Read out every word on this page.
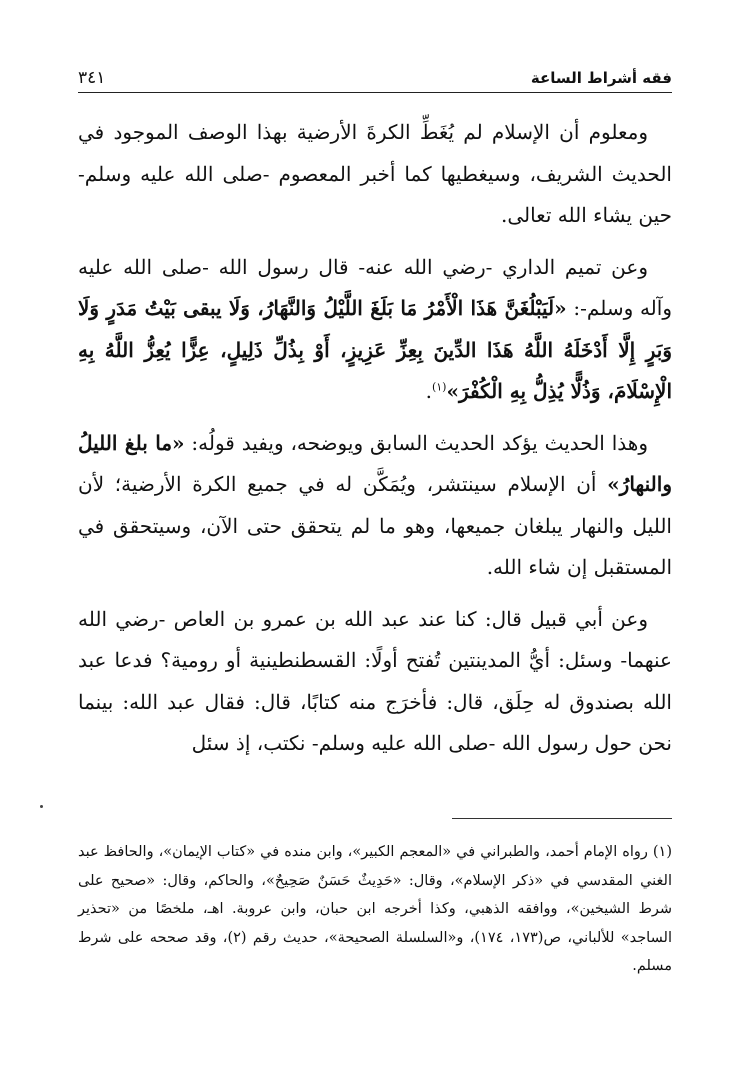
فقه أشراط الساعة
٣٤١

ومعلوم أن الإسلام لم يُغَطِّ الكرةَ الأرضية بهذا الوصف الموجود في الحديث الشريف، وسيغطيها كما أخبر المعصوم -صلى الله عليه وسلم- حين يشاء الله تعالى.

وعن تميم الداري -رضي الله عنه- قال رسول الله -صلى الله عليه وآله وسلم-: «لَيَبْلُغَنَّ هَذَا الْأَمْرُ مَا بَلَغَ اللَّيْلُ وَالنَّهَارُ، وَلَا يبقى بَيْتُ مَدَرٍ وَلَا وَبَرٍ إِلَّا أَدْخَلَهُ اللَّهُ هَذَا الدِّينَ بِعِزِّ عَزِيزٍ، أَوْ بِذُلِّ ذَلِيلٍ، عِزًّا يُعِزُّ اللَّهُ بِهِ الْإِسْلَامَ، وَذُلًّا يُذِلُّ بِهِ الْكُفْرَ»$^{(١)}$.

وهذا الحديث يؤكد الحديث السابق ويوضحه، ويفيد قولُه: «ما بلغ الليلُ والنهارُ» أن الإسلام سينتشر، ويُمَكَّن له في جميع الكرة الأرضية؛ لأن الليل والنهار يبلغان جميعها، وهو ما لم يتحقق حتى الآن، وسيتحقق في المستقبل إن شاء الله.

وعن أبي قبيل قال: كنا عند عبد الله بن عمرو بن العاص -رضي الله عنهما- وسئل: أيُّ المدينتين تُفتح أولًا: القسطنطينية أو رومية؟ فدعا عبد الله بصندوق له حِلَق، قال: فأخرَج منه كتابًا، قال: فقال عبد الله: بينما نحن حول رسول الله -صلى الله عليه وسلم- نكتب، إذ سئل

(١) رواه الإمام أحمد، والطبراني في «المعجم الكبير»، وابن منده في «كتاب الإيمان»، والحافظ عبد الغني المقدسي في «ذكر الإسلام»، وقال: «حَدِيثٌ حَسَنٌ صَحِيحٌ»، والحاكم، وقال: «صحيح على شرط الشيخين»، ووافقه الذهبي، وكذا أخرجه ابن حبان، وابن عروبة. اهـ، ملخصًا من «تحذير الساجد» للألباني، ص(١٧٣، ١٧٤)، و«السلسلة الصحيحة»، حديث رقم (٢)، وقد صححه على شرط مسلم.
